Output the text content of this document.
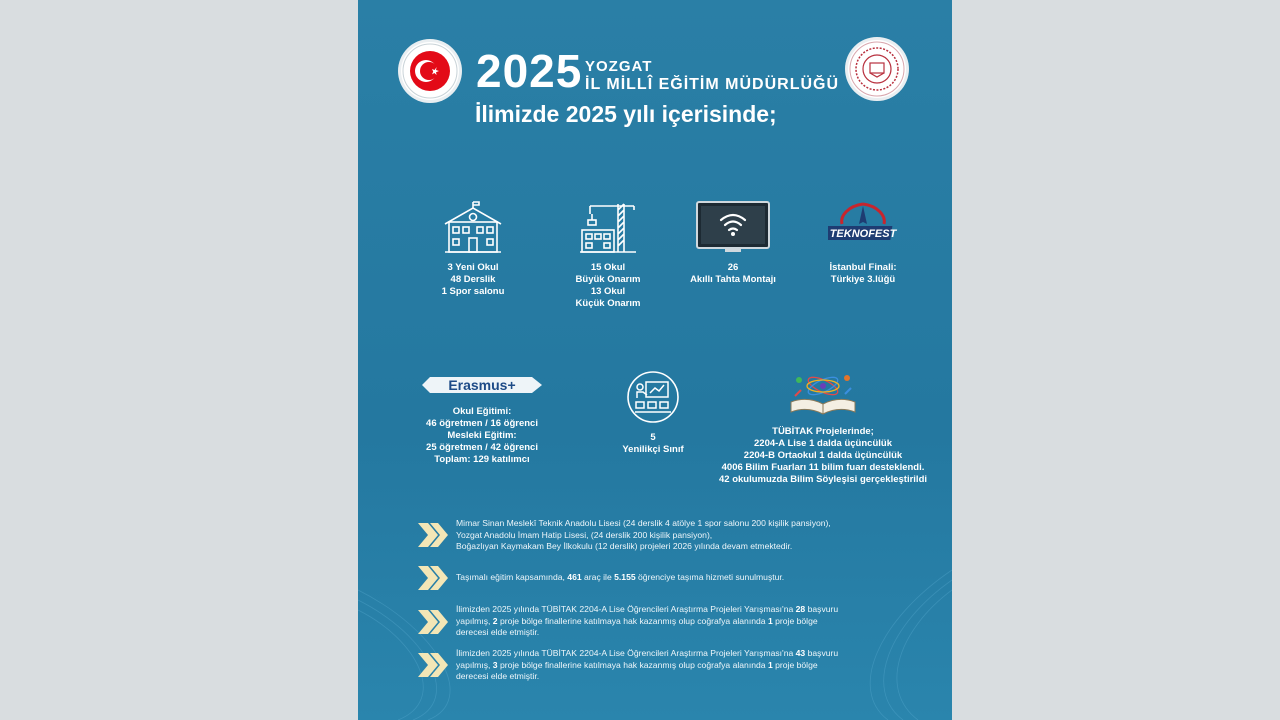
2025 YOZGAT
İL MİLLÎ EĞİTİM MÜDÜRLÜĞÜ
İlimizde 2025 yılı içerisinde;
3 Yeni Okul
48 Derslik
1 Spor salonu
15 Okul
Büyük Onarım
13 Okul
Küçük Onarım
26
Akıllı Tahta Montajı
TEKNOFEST
İstanbul Finali:
Türkiye 3.lüğü
Erasmus+
Okul Eğitimi:
46 öğretmen / 16 öğrenci
Mesleki Eğitim:
25 öğretmen / 42 öğrenci
Toplam: 129 katılımcı
5
Yenilikçi Sınıf
TÜBİTAK Projelerinde;
2204-A Lise 1 dalda üçüncülük
2204-B Ortaokul 1 dalda üçüncülük
4006 Bilim Fuarları 11 bilim fuarı desteklendi.
42 okulumuzda Bilim Söyleşisi gerçekleştirildi
Mimar Sinan Meslekî Teknik Anadolu Lisesi (24 derslik 4 atölye 1 spor salonu 200 kişilik pansiyon),
Yozgat Anadolu İmam Hatip Lisesi, (24 derslik 200 kişilik pansiyon),
Boğazlıyan Kaymakam Bey İlkokulu (12 derslik) projeleri 2026 yılında devam etmektedir.
Taşımalı eğitim kapsamında, 461 araç ile 5.155 öğrenciye taşıma hizmeti sunulmuştur.
İlimizden 2025 yılında TÜBİTAK 2204-A Lise Öğrencileri Araştırma Projeleri Yarışması'na 28 başvuru
yapılmış, 2 proje bölge finallerine katılmaya hak kazanmış olup coğrafya alanında 1 proje bölge
derecesi elde etmiştir.
İlimizden 2025 yılında TÜBİTAK 2204-A Lise Öğrencileri Araştırma Projeleri Yarışması'na 43 başvuru
yapılmış, 3 proje bölge finallerine katılmaya hak kazanmış olup coğrafya alanında 1 proje bölge
derecesi elde etmiştir.
